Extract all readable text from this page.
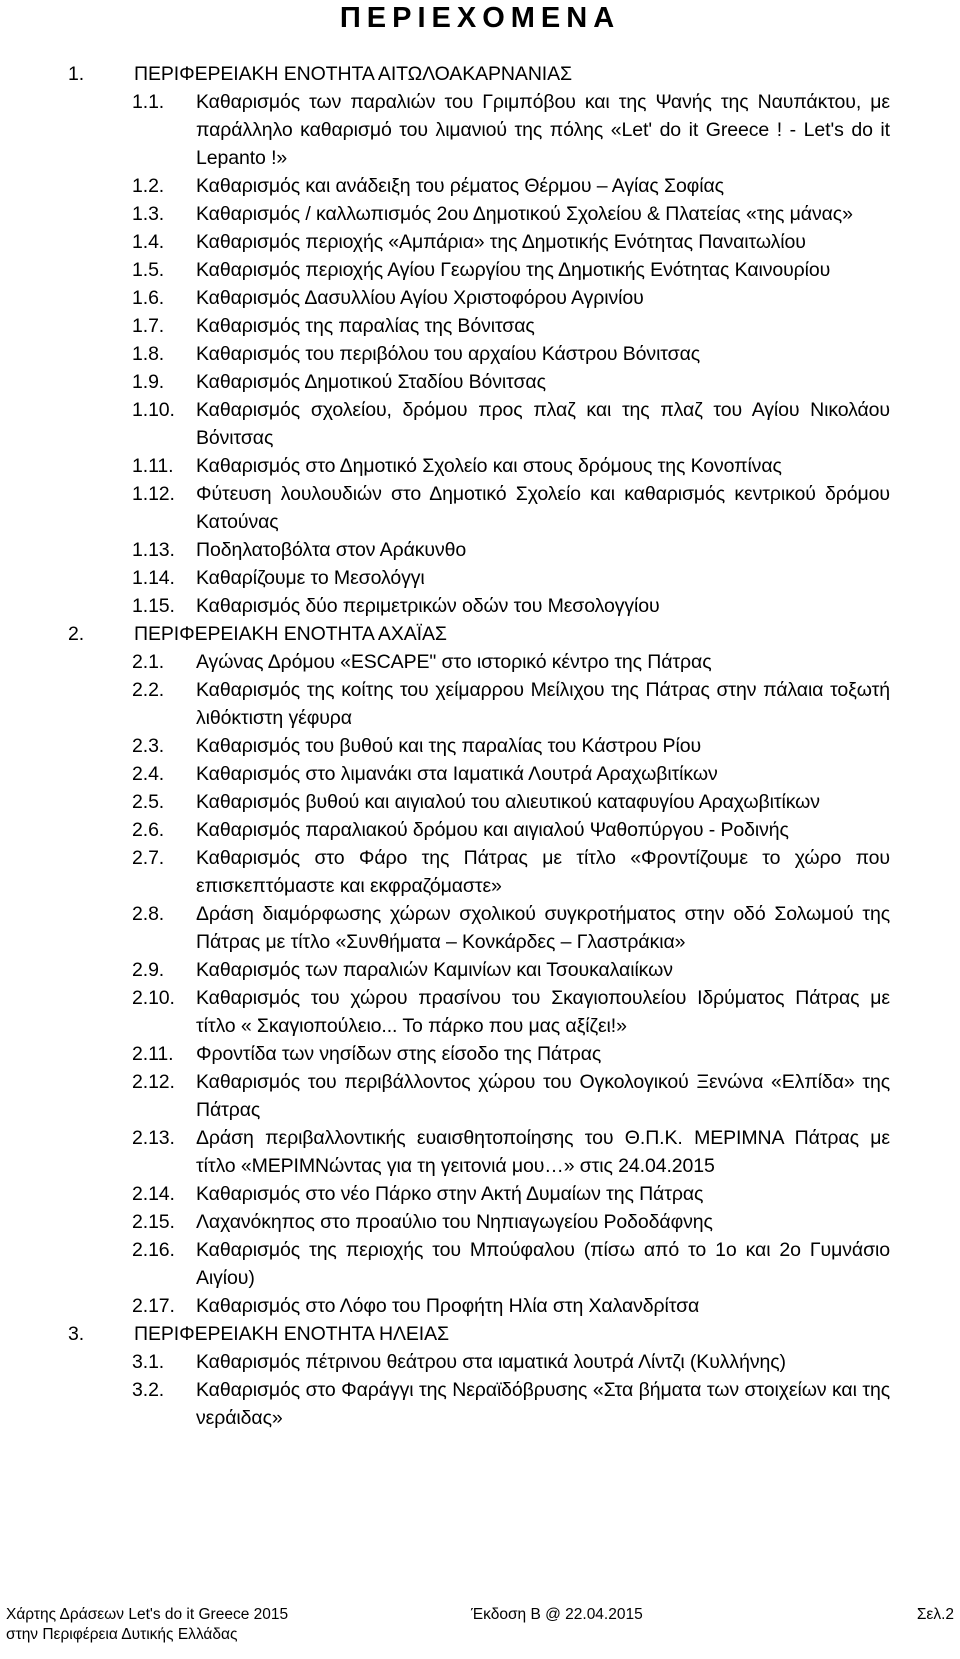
ΠΕΡΙΕΧΟΜΕΝΑ
1.	ΠΕΡΙΦΕΡΕΙΑΚΗ ΕΝΟΤΗΤΑ ΑΙΤΩΛΟΑΚΑΡΝΑΝΙΑΣ
1.1.	Καθαρισμός των παραλιών του Γριμπόβου και της Ψανής της Ναυπάκτου, με παράλληλο καθαρισμό του λιμανιού της πόλης «Let' do it Greece ! - Let's do it Lepanto !»
1.2.	Καθαρισμός και ανάδειξη του ρέματος Θέρμου – Αγίας Σοφίας
1.3.	Καθαρισμός / καλλωπισμός 2ου Δημοτικού Σχολείου & Πλατείας «της μάνας»
1.4.	Καθαρισμός περιοχής «Αμπάρια» της Δημοτικής Ενότητας Παναιτωλίου
1.5.	Καθαρισμός περιοχής Αγίου Γεωργίου της Δημοτικής Ενότητας Καινουρίου
1.6.	Καθαρισμός Δασυλλίου Αγίου Χριστοφόρου Αγρινίου
1.7.	Καθαρισμός της παραλίας της Βόνιτσας
1.8.	Καθαρισμός του περιβόλου του αρχαίου Κάστρου Βόνιτσας
1.9.	Καθαρισμός Δημοτικού Σταδίου Βόνιτσας
1.10.	Καθαρισμός σχολείου, δρόμου προς πλαζ και της πλαζ του Αγίου Νικολάου Βόνιτσας
1.11.	Καθαρισμός στο Δημοτικό Σχολείο και στους δρόμους της Κονοπίνας
1.12.	Φύτευση λουλουδιών στο Δημοτικό Σχολείο και καθαρισμός κεντρικού δρόμου Κατούνας
1.13.	Ποδηλατοβόλτα στον Αράκυνθο
1.14.	Καθαρίζουμε το Μεσολόγγι
1.15.	Καθαρισμός δύο περιμετρικών οδών του Μεσολογγίου
2.	ΠΕΡΙΦΕΡΕΙΑΚΗ ΕΝΟΤΗΤΑ ΑΧΑΪΑΣ
2.1.	Αγώνας Δρόμου «ESCAPE" στο ιστορικό κέντρο της Πάτρας
2.2.	Καθαρισμός της κοίτης του χείμαρρου Μείλιχου της Πάτρας στην πάλαια τοξωτή λιθόκτιστη γέφυρα
2.3.	Καθαρισμός του βυθού και της παραλίας του Κάστρου Ρίου
2.4.	Καθαρισμός στο λιμανάκι στα Ιαματικά Λουτρά Αραχωβιτίκων
2.5.	Καθαρισμός βυθού και αιγιαλού του αλιευτικού καταφυγίου Αραχωβιτίκων
2.6.	Καθαρισμός παραλιακού δρόμου και αιγιαλού Ψαθοπύργου - Ροδινής
2.7.	Καθαρισμός στο Φάρο της Πάτρας με τίτλο «Φροντίζουμε το χώρο που επισκεπτόμαστε και εκφραζόμαστε»
2.8.	Δράση διαμόρφωσης χώρων σχολικού συγκροτήματος στην οδό Σολωμού της Πάτρας με τίτλο «Συνθήματα – Κονκάρδες – Γλαστράκια»
2.9.	Καθαρισμός των παραλιών Καμινίων και Τσουκαλαιίκων
2.10.	Καθαρισμός του χώρου πρασίνου του Σκαγιοπουλείου Ιδρύματος Πάτρας με τίτλο « Σκαγιοπούλειο... Το πάρκο που μας αξίζει!»
2.11.	Φροντίδα των νησίδων στης είσοδο της Πάτρας
2.12.	Καθαρισμός του περιβάλλοντος χώρου του Ογκολογικού Ξενώνα «Ελπίδα» της Πάτρας
2.13.	Δράση περιβαλλοντικής ευαισθητοποίησης του Θ.Π.Κ. ΜΕΡΙΜΝΑ Πάτρας με τίτλο «ΜΕΡΙΜΝώντας για τη γειτονιά μου…» στις 24.04.2015
2.14.	Καθαρισμός στο νέο Πάρκο στην Ακτή Δυμαίων της Πάτρας
2.15.	Λαχανόκηπος στο προαύλιο του Νηπιαγωγείου Ροδοδάφνης
2.16.	Καθαρισμός της περιοχής του Μπούφαλου (πίσω από το 1ο και 2ο Γυμνάσιο Αιγίου)
2.17.	Καθαρισμός στο Λόφο του Προφήτη Ηλία στη Χαλανδρίτσα
3.	ΠΕΡΙΦΕΡΕΙΑΚΗ ΕΝΟΤΗΤΑ ΗΛΕΙΑΣ
3.1.	Καθαρισμός πέτρινου θεάτρου στα ιαματικά λουτρά Λίντζι (Κυλλήνης)
3.2.	Καθαρισμός στο Φαράγγι της Νεραϊδόβρυσης «Στα βήματα των στοιχείων και της νεράιδας»
Χάρτης Δράσεων Let's do it Greece 2015	Έκδοση Β @ 22.04.2015	Σελ.2
στην Περιφέρεια Δυτικής Ελλάδας
